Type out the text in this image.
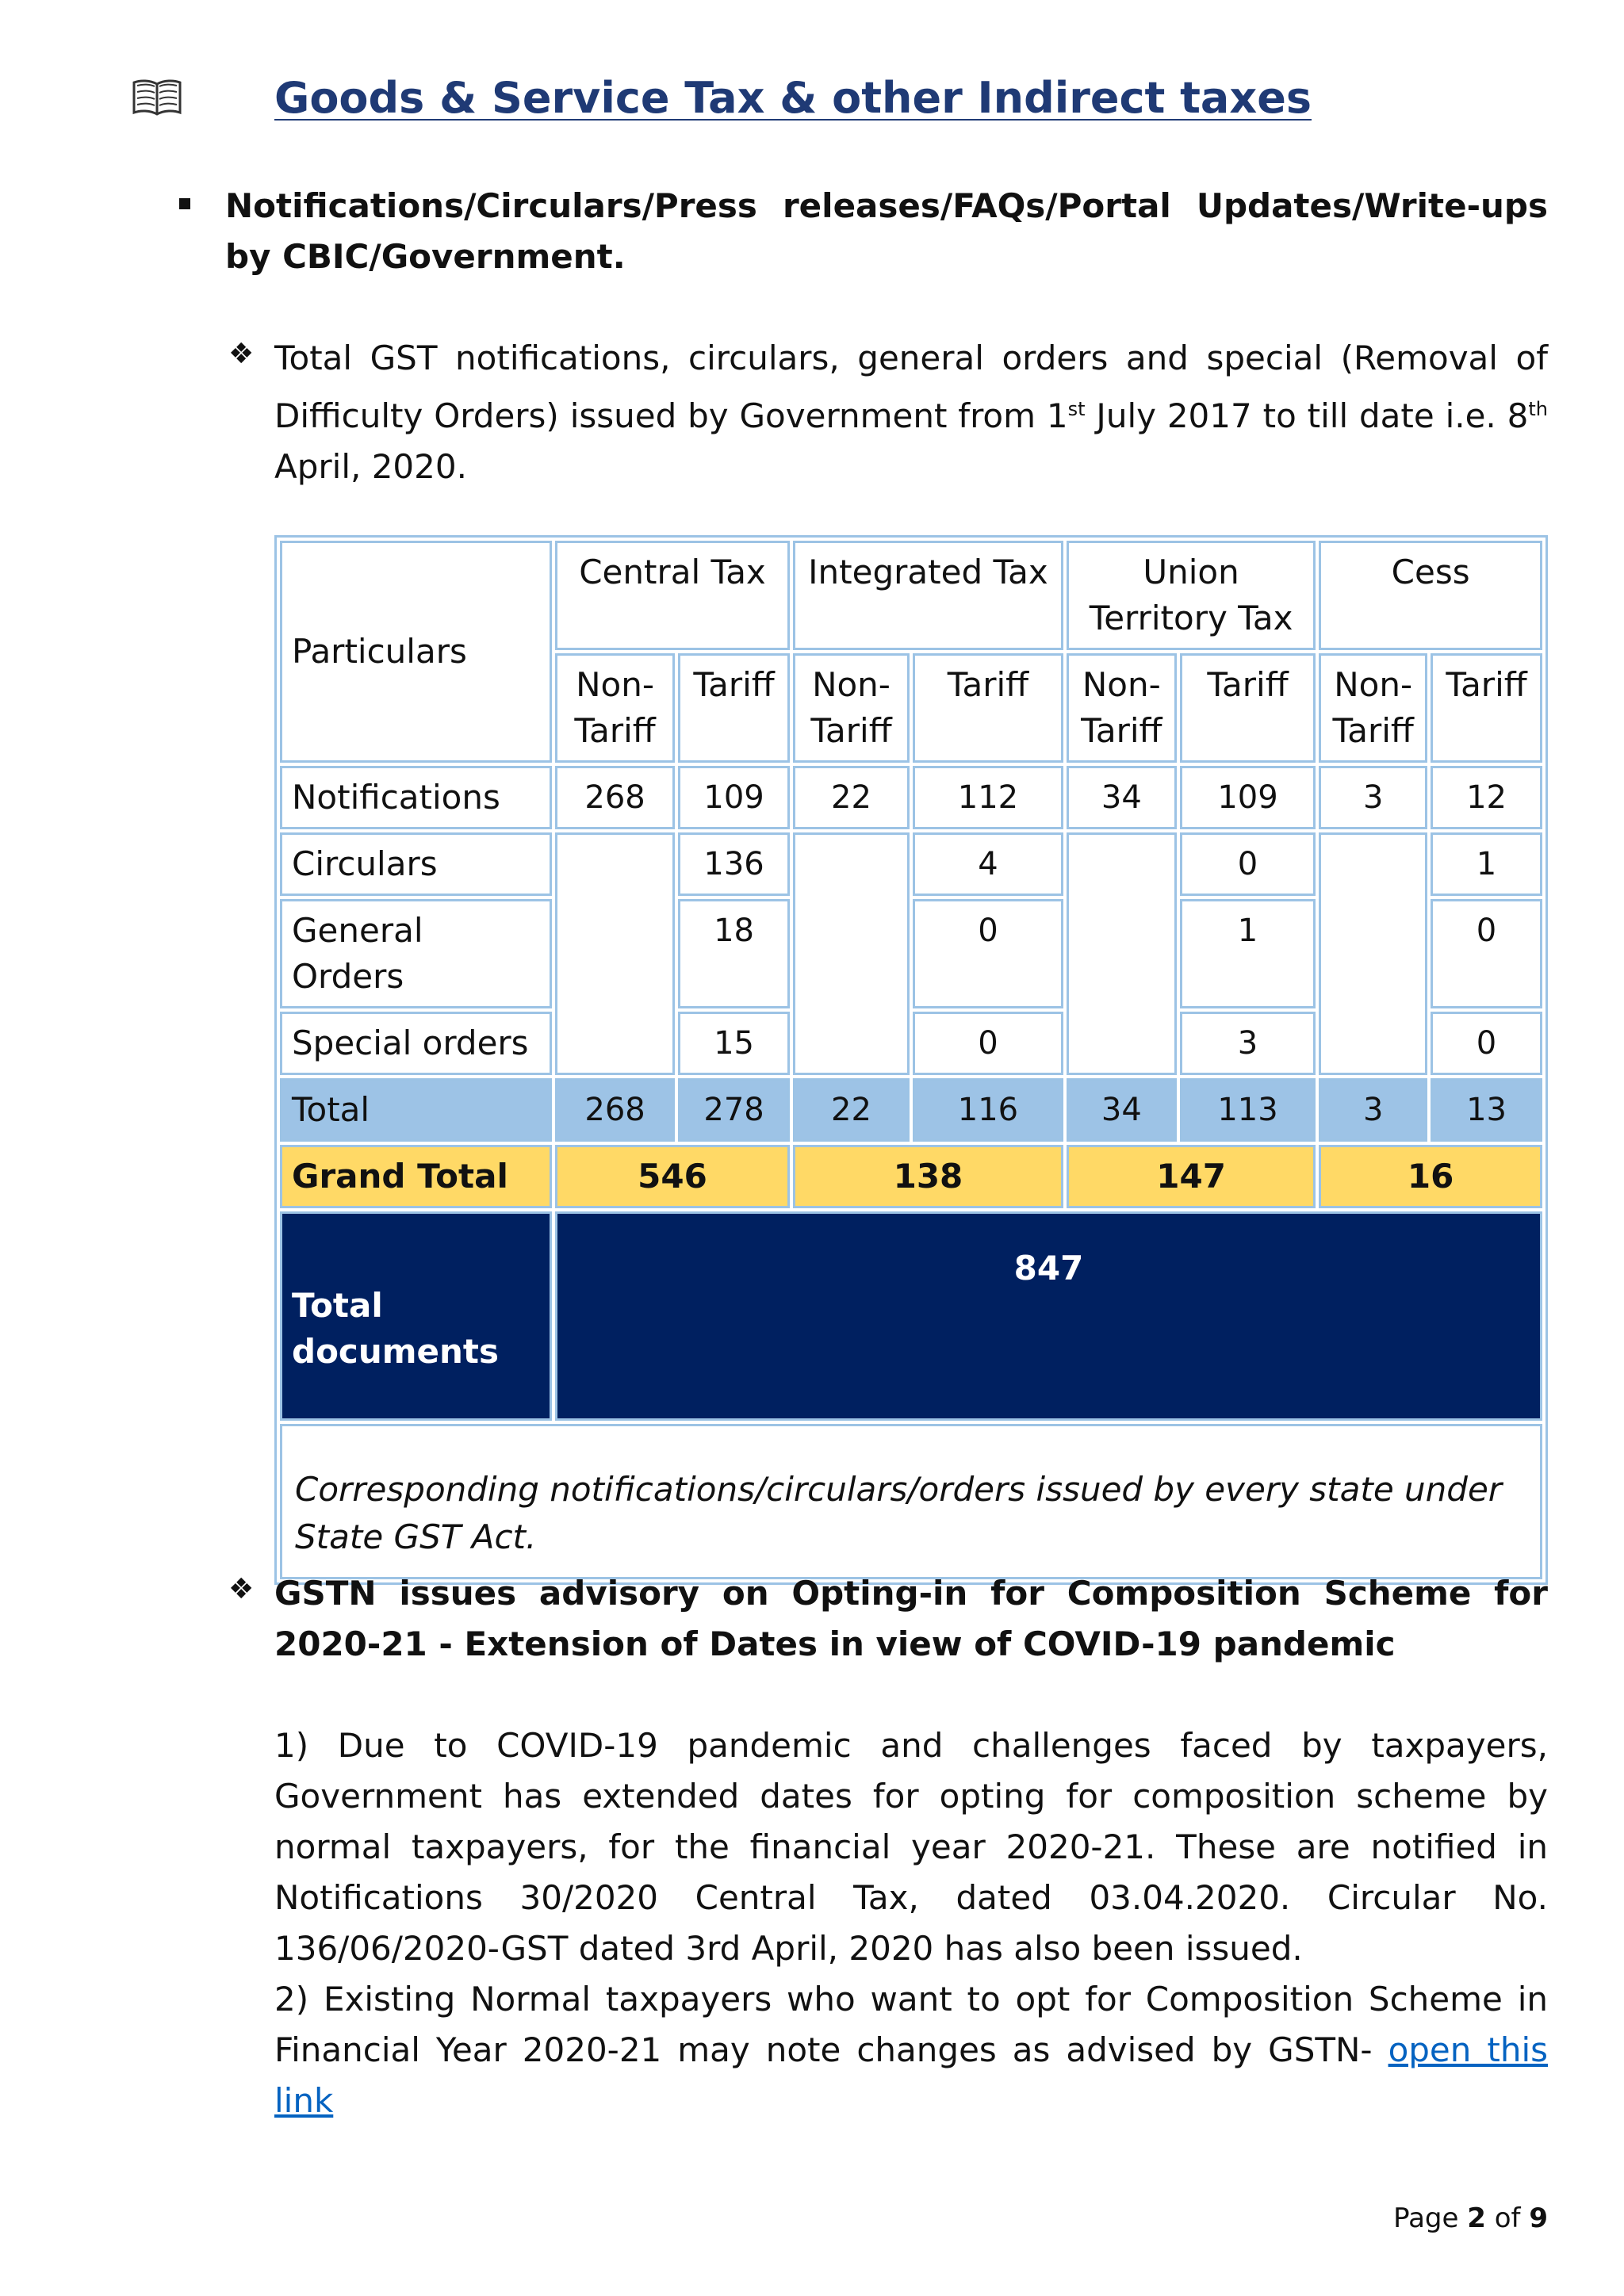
Goods & Service Tax & other Indirect taxes

Notifications/Circulars/Press releases/FAQs/Portal Updates/Write-ups by CBIC/Government.

❖ Total GST notifications, circulars, general orders and special (Removal of Difficulty Orders) issued by Government from 1st July 2017 to till date i.e. 8th April, 2020.

Particulars	Central Tax		Integrated Tax		Union Territory Tax		Cess	
	Non-Tariff	Tariff	Non-Tariff	Tariff	Non-Tariff	Tariff	Non-Tariff	Tariff
Notifications	268	109	22	112	34	109	3	12
Circulars		136		4		0		1
General Orders		18		0		1		0
Special orders		15		0		3		0
Total	268	278	22	116	34	113	3	13
Grand Total	546		138		147		16	
Total documents	847							
Corresponding notifications/circulars/orders issued by every state under State GST Act.								
❖ GSTN issues advisory on Opting-in for Composition Scheme for 2020-21 - Extension of Dates in view of COVID-19 pandemic

1) Due to COVID-19 pandemic and challenges faced by taxpayers, Government has extended dates for opting for composition scheme by normal taxpayers, for the financial year 2020-21. These are notified in Notifications 30/2020 Central Tax, dated 03.04.2020. Circular No. 136/06/2020-GST dated 3rd April, 2020 has also been issued.

2) Existing Normal taxpayers who want to opt for Composition Scheme in Financial Year 2020-21 may note changes as advised by GSTN- open this link

Page 2 of 9
